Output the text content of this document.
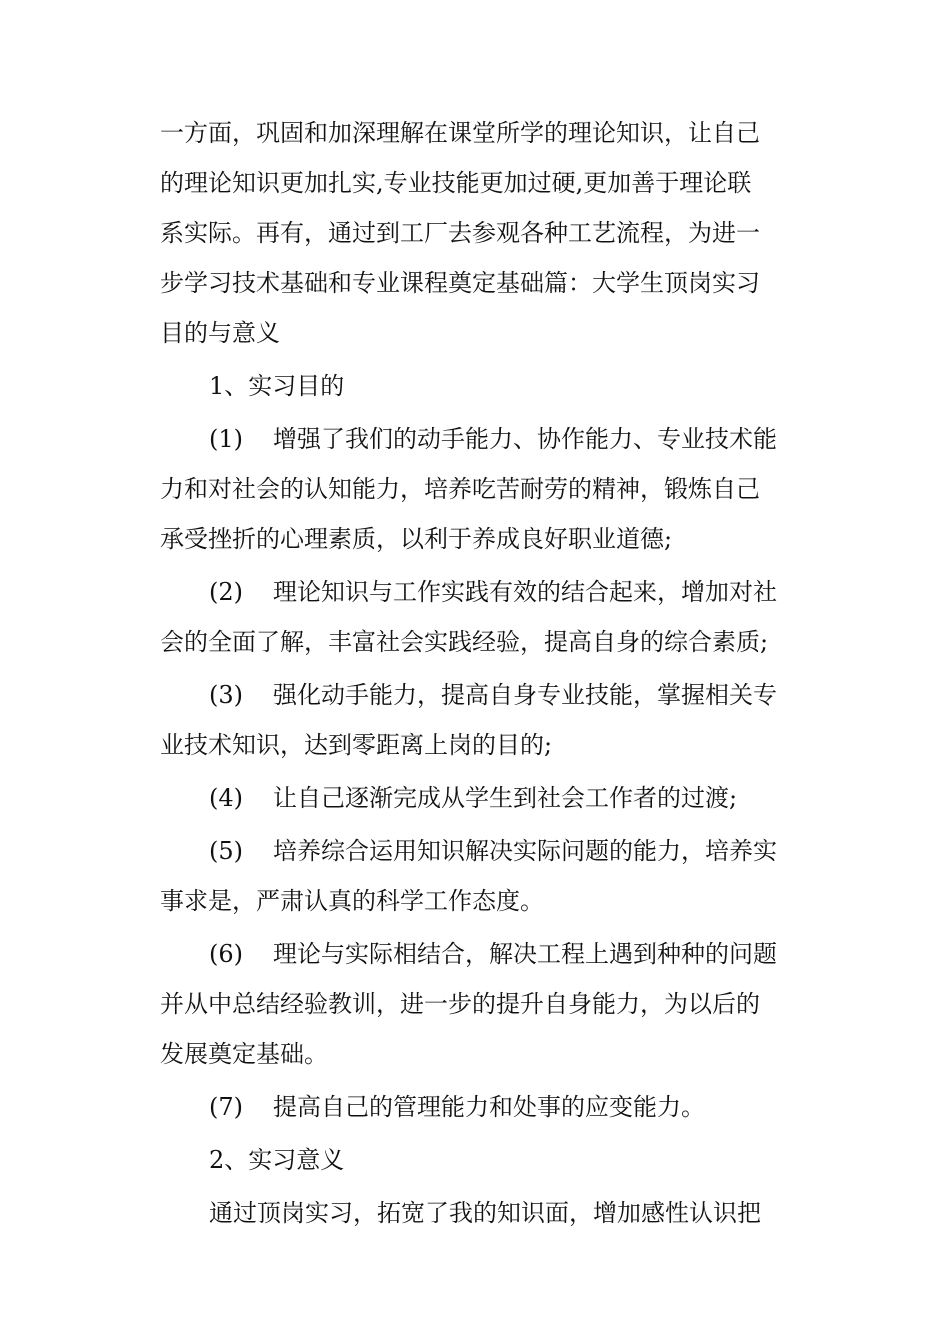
一方面，巩固和加深理解在课堂所学的理论知识，让自己
的理论知识更加扎实,专业技能更加过硬,更加善于理论联
系实际。再有，通过到工厂去参观各种工艺流程，为进一
步学习技术基础和专业课程奠定基础篇：大学生顶岗实习
目的与意义
1、实习目的
(1) 增强了我们的动手能力、协作能力、专业技术能
力和对社会的认知能力，培养吃苦耐劳的精神，锻炼自己
承受挫折的心理素质，以利于养成良好职业道德;
(2) 理论知识与工作实践有效的结合起来，增加对社
会的全面了解，丰富社会实践经验，提高自身的综合素质;
(3) 强化动手能力，提高自身专业技能，掌握相关专
业技术知识，达到零距离上岗的目的;
(4) 让自己逐渐完成从学生到社会工作者的过渡;
(5) 培养综合运用知识解决实际问题的能力，培养实
事求是，严肃认真的科学工作态度。
(6) 理论与实际相结合，解决工程上遇到种种的问题
并从中总结经验教训，进一步的提升自身能力，为以后的
发展奠定基础。
(7) 提高自己的管理能力和处事的应变能力。
2、实习意义
通过顶岗实习，拓宽了我的知识面，增加感性认识把
